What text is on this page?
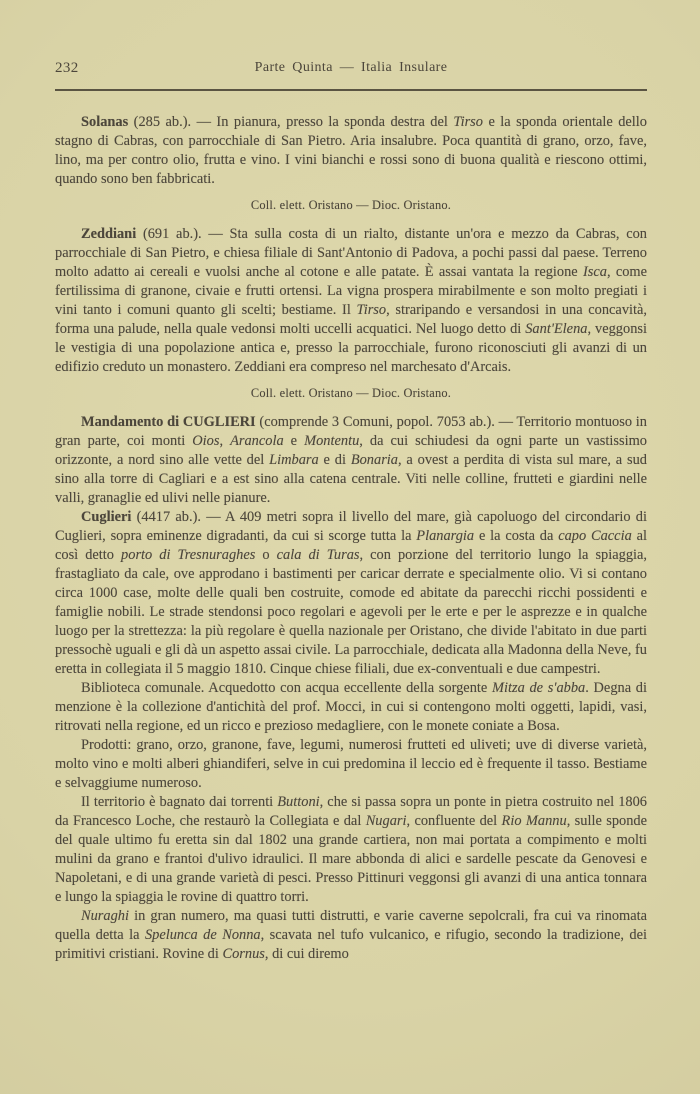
232	Parte Quinta — Italia Insulare

Solanas (285 ab.). — In pianura, presso la sponda destra del Tirso e la sponda orientale dello stagno di Cabras, con parrocchiale di San Pietro. Aria insalubre. Poca quantità di grano, orzo, fave, lino, ma per contro olio, frutta e vino. I vini bianchi e rossi sono di buona qualità e riescono ottimi, quando sono ben fabbricati.

Coll. elett. Oristano — Dioc. Oristano.

Zeddiani (691 ab.). — Sta sulla costa di un rialto, distante un'ora e mezzo da Cabras, con parrocchiale di San Pietro, e chiesa filiale di Sant'Antonio di Padova, a pochi passi dal paese. Terreno molto adatto ai cereali e vuolsi anche al cotone e alle patate. È assai vantata la regione Isca, come fertilissima di granone, civaie e frutti ortensi. La vigna prospera mirabilmente e son molto pregiati i vini tanto i comuni quanto gli scelti; bestiame. Il Tirso, straripando e versandosi in una concavità, forma una palude, nella quale vedonsi molti uccelli acquatici. Nel luogo detto di Sant'Elena, veggonsi le vestigia di una popolazione antica e, presso la parrocchiale, furono riconosciuti gli avanzi di un edifizio creduto un monastero. Zeddiani era compreso nel marchesato d'Arcais.

Coll. elett. Oristano — Dioc. Oristano.

Mandamento di CUGLIERI (comprende 3 Comuni, popol. 7053 ab.). — Territorio montuoso in gran parte, coi monti Oios, Arancola e Montentu, da cui schiudesi da ogni parte un vastissimo orizzonte, a nord sino alle vette del Limbara e di Bonaria, a ovest a perdita di vista sul mare, a sud sino alla torre di Cagliari e a est sino alla catena centrale. Viti nelle colline, frutteti e giardini nelle valli, granaglie ed ulivi nelle pianure.

Cuglieri (4417 ab.). — A 409 metri sopra il livello del mare, già capoluogo del circondario di Cuglieri, sopra eminenze digradanti, da cui si scorge tutta la Planargia e la costa da capo Caccia al così detto porto di Tresnuraghes o cala di Turas, con porzione del territorio lungo la spiaggia, frastagliato da cale, ove approdano i bastimenti per caricar derrate e specialmente olio. Vi si contano circa 1000 case, molte delle quali ben costruite, comode ed abitate da parecchi ricchi possidenti e famiglie nobili. Le strade stendonsi poco regolari e agevoli per le erte e per le asprezze e in qualche luogo per la strettezza: la più regolare è quella nazionale per Oristano, che divide l'abitato in due parti pressochè uguali e gli dà un aspetto assai civile. La parrocchiale, dedicata alla Madonna della Neve, fu eretta in collegiata il 5 maggio 1810. Cinque chiese filiali, due ex-conventuali e due campestri.

Biblioteca comunale. Acquedotto con acqua eccellente della sorgente Mitza de s'abba. Degna di menzione è la collezione d'antichità del prof. Mocci, in cui si contengono molti oggetti, lapidi, vasi, ritrovati nella regione, ed un ricco e prezioso medagliere, con le monete coniate a Bosa.

Prodotti: grano, orzo, granone, fave, legumi, numerosi frutteti ed uliveti; uve di diverse varietà, molto vino e molti alberi ghiandiferi, selve in cui predomina il leccio ed è frequente il tasso. Bestiame e selvaggiume numeroso.

Il territorio è bagnato dai torrenti Buttoni, che si passa sopra un ponte in pietra costruito nel 1806 da Francesco Loche, che restaurò la Collegiata e dal Nugari, confluente del Rio Mannu, sulle sponde del quale ultimo fu eretta sin dal 1802 una grande cartiera, non mai portata a compimento e molti mulini da grano e frantoi d'ulivo idraulici. Il mare abbonda di alici e sardelle pescate da Genovesi e Napoletani, e di una grande varietà di pesci. Presso Pittinuri veggonsi gli avanzi di una antica tonnara e lungo la spiaggia le rovine di quattro torri.

Nuraghi in gran numero, ma quasi tutti distrutti, e varie caverne sepolcrali, fra cui va rinomata quella detta la Spelunca de Nonna, scavata nel tufo vulcanico, e rifugio, secondo la tradizione, dei primitivi cristiani. Rovine di Cornus, di cui diremo
